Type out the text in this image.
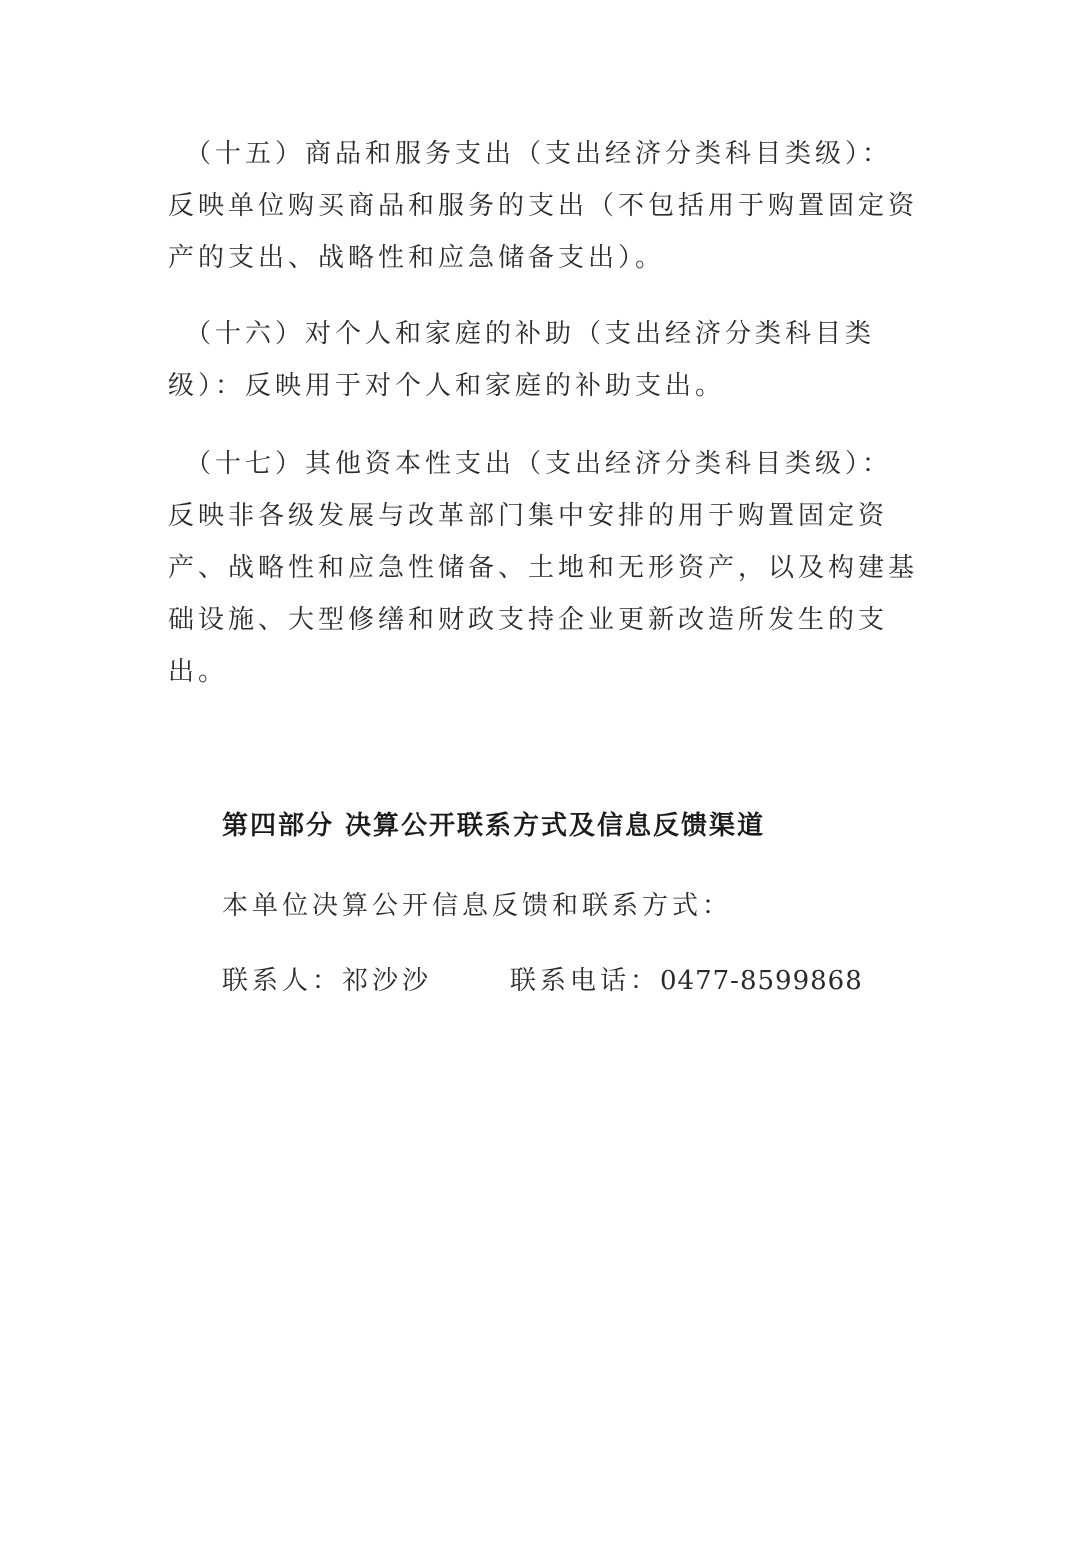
　（十五）商品和服务支出（支出经济分类科目类级）：
反映单位购买商品和服务的支出（不包括用于购置固定资
产的支出、战略性和应急储备支出）。
　（十六）对个人和家庭的补助（支出经济分类科目类
级）：反映用于对个人和家庭的补助支出。
　（十七）其他资本性支出（支出经济分类科目类级）：
反映非各级发展与改革部门集中安排的用于购置固定资
产、战略性和应急性储备、土地和无形资产，以及构建基
础设施、大型修缮和财政支持企业更新改造所发生的支
出。
第四部分 决算公开联系方式及信息反馈渠道
本单位决算公开信息反馈和联系方式：
联系人：祁沙沙	联系电话：0477-8599868
